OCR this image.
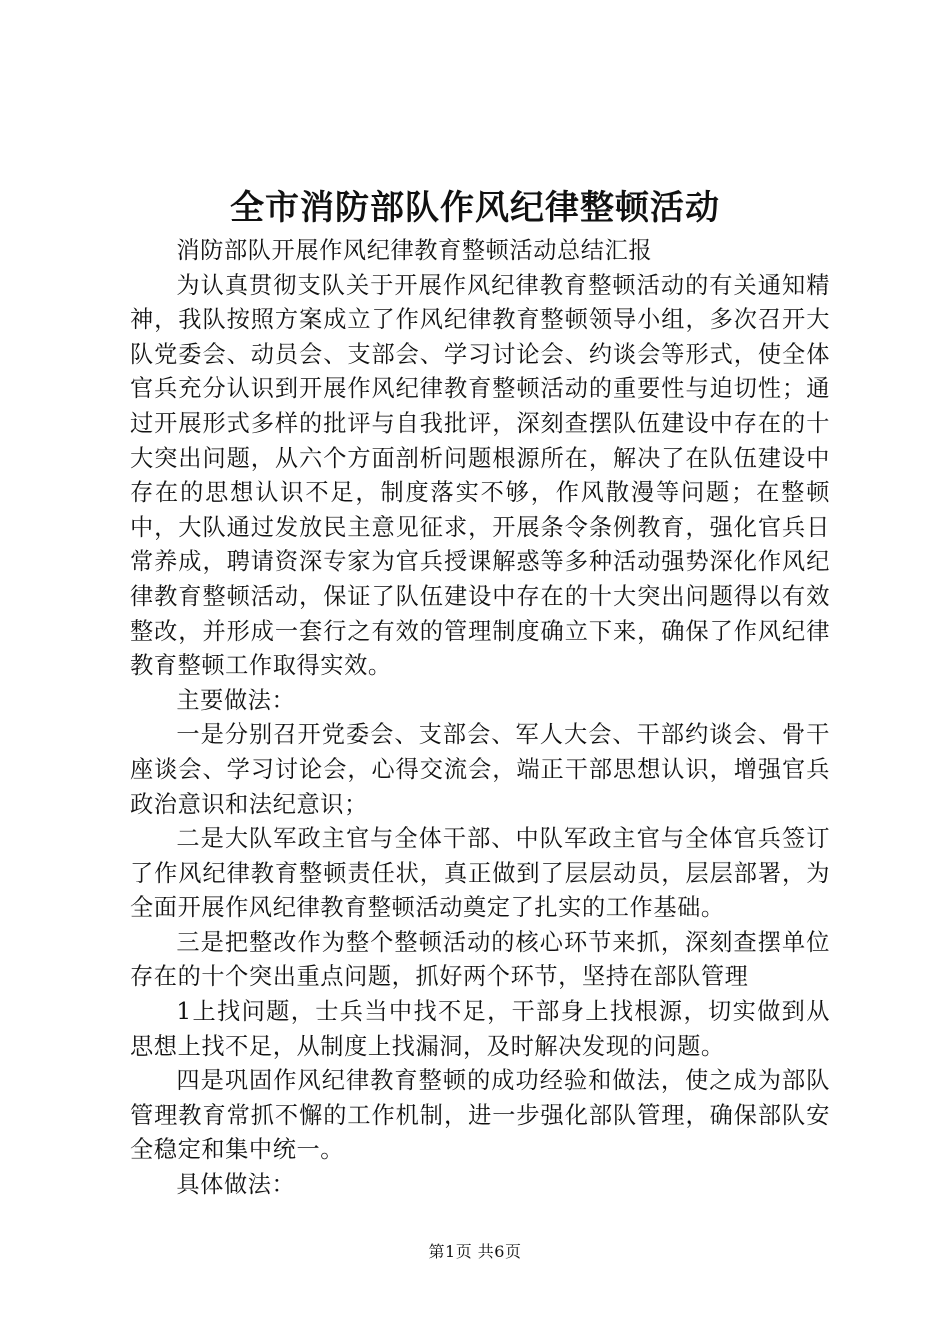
全市消防部队作风纪律整顿活动

消防部队开展作风纪律教育整顿活动总结汇报

为认真贯彻支队关于开展作风纪律教育整顿活动的有关通知精神，我队按照方案成立了作风纪律教育整顿领导小组，多次召开大队党委会、动员会、支部会、学习讨论会、约谈会等形式，使全体官兵充分认识到开展作风纪律教育整顿活动的重要性与迫切性；通过开展形式多样的批评与自我批评，深刻查摆队伍建设中存在的十大突出问题，从六个方面剖析问题根源所在，解决了在队伍建设中存在的思想认识不足，制度落实不够，作风散漫等问题；在整顿中，大队通过发放民主意见征求，开展条令条例教育，强化官兵日常养成，聘请资深专家为官兵授课解惑等多种活动强势深化作风纪律教育整顿活动，保证了队伍建设中存在的十大突出问题得以有效整改，并形成一套行之有效的管理制度确立下来，确保了作风纪律教育整顿工作取得实效。

主要做法：

一是分别召开党委会、支部会、军人大会、干部约谈会、骨干座谈会、学习讨论会，心得交流会，端正干部思想认识，增强官兵政治意识和法纪意识；

二是大队军政主官与全体干部、中队军政主官与全体官兵签订了作风纪律教育整顿责任状，真正做到了层层动员，层层部署，为全面开展作风纪律教育整顿活动奠定了扎实的工作基础。

三是把整改作为整个整顿活动的核心环节来抓，深刻查摆单位存在的十个突出重点问题，抓好两个环节，坚持在部队管理

1上找问题，士兵当中找不足，干部身上找根源，切实做到从思想上找不足，从制度上找漏洞，及时解决发现的问题。

四是巩固作风纪律教育整顿的成功经验和做法，使之成为部队管理教育常抓不懈的工作机制，进一步强化部队管理，确保部队安全稳定和集中统一。

具体做法：

第1页 共6页
